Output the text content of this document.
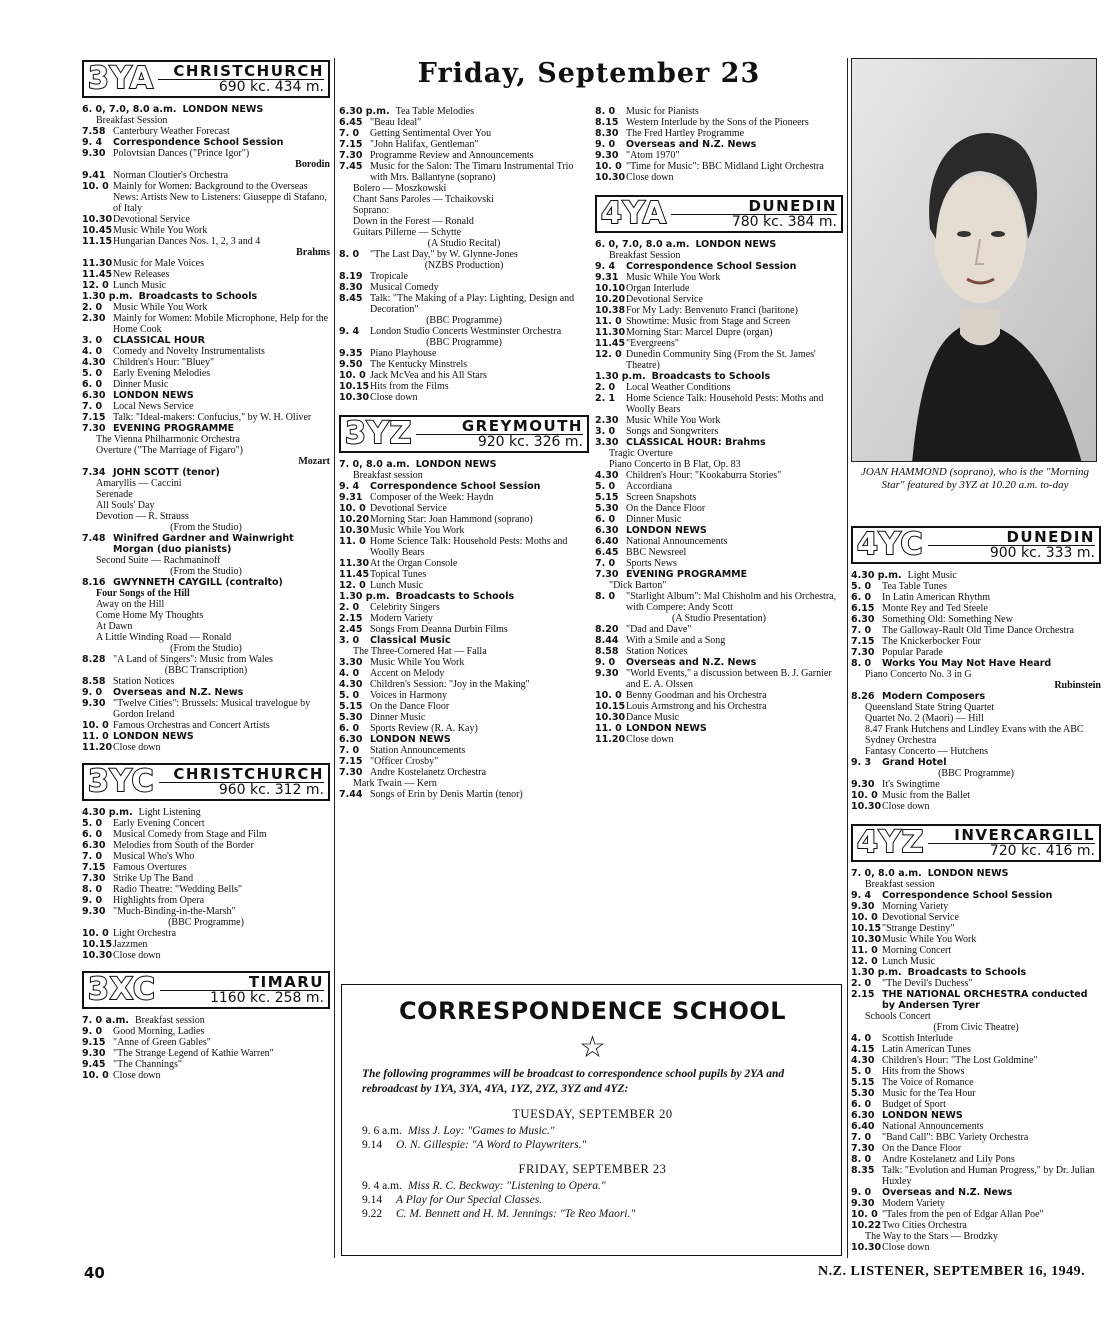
Friday, September 23
3YA	CHRISTCHURCH
690 kc. 434 m.
6. 0, 7.0, 8.0 a.m. LONDON NEWS
Breakfast Session
7.58 Canterbury Weather Forecast
9. 4	Correspondence School Session
9.30 Polovtsian Dances ("Prince Igor")
Borodin
9.41 Norman Cloutier's Orchestra
10. 0 Mainly for Women: Background to the Overseas News: Artists New to Listeners: Giuseppe di Stafano, of Italy
10.30 Devotional Service
10.45 Music While You Work
11.15 Hungarian Dances Nos. 1, 2, 3 and 4
Brahms
11.30 Music for Male Voices
11.45 New Releases
12. 0 Lunch Music
1.30 p.m. Broadcasts to Schools
2. 0	Music While You Work
2.30 Mainly for Women: Mobile Microphone, Help for the Home Cook
3. 0	CLASSICAL HOUR
4. 0	Comedy and Novelty Instrumentalists
4.30 Children's Hour: "Bluey"
5. 0	Early Evening Melodies
6. 0	Dinner Music
6.30 LONDON NEWS
7. 0	Local News Service
7.15 Talk: "Ideal-makers: Confucius," by W. H. Oliver
7.30 EVENING PROGRAMME
The Vienna Philharmonic Orchestra
Overture ("The Marriage of Figaro")
Mozart
7.34 JOHN SCOTT (tenor)
Amaryllis — Caccini
Serenade
All Souls' Day
Devotion — R. Strauss
(From the Studio)
7.48 Winifred Gardner and Wainwright Morgan (duo pianists)
Second Suite — Rachmaninoff
(From the Studio)
8.16 GWYNNETH CAYGILL (contralto)
Four Songs of the Hill
Away on the Hill
Come Home My Thoughts
At Dawn
A Little Winding Road — Ronald
(From the Studio)
8.28 "A Land of Singers": Music from Wales
(BBC Transcription)
8.58 Station Notices
9. 0	Overseas and N.Z. News
9.30 "Twelve Cities": Brussels: Musical travelogue by Gordon Ireland
10. 0 Famous Orchestras and Concert Artists
11. 0 LONDON NEWS
11.20 Close down
3YC	CHRISTCHURCH
960 kc. 312 m.
4.30 p.m. Light Listening
5. 0	Early Evening Concert
6. 0	Musical Comedy from Stage and Film
6.30 Melodies from South of the Border
7. 0	Musical Who's Who
7.15 Famous Overtures
7.30 Strike Up The Band
8. 0	Radio Theatre: "Wedding Bells"
9. 0	Highlights from Opera
9.30 "Much-Binding-in-the-Marsh"
(BBC Programme)
10. 0 Light Orchestra
10.15 Jazzmen
10.30 Close down
3XC	TIMARU
1160 kc. 258 m.
7. 0 a.m. Breakfast session
9. 0	Good Morning, Ladies
9.15 "Anne of Green Gables"
9.30 "The Strange Legend of Kathie Warren"
9.45 "The Channings"
10. 0 Close down
6.30 p.m. Tea Table Melodies
6.45 "Beau Ideal"
7. 0	Getting Sentimental Over You
7.15 "John Halifax, Gentleman"
7.30 Programme Review and Announcements
7.45 Music for the Salon: The Timaru Instrumental Trio with Mrs. Ballantyne (soprano)
Bolero — Moszkowski
Chant Sans Paroles — Tchaikovski
Soprano:
Down in the Forest — Ronald
Guitars Pillerne — Schytte
(A Studio Recital)
8. 0	"The Last Day," by W. Glynne-Jones
(NZBS Production)
8.19 Tropicale
8.30 Musical Comedy
8.45 Talk: "The Making of a Play: Lighting, Design and Decoration"
(BBC Programme)
9. 4	London Studio Concerts Westminster Orchestra
(BBC Programme)
9.35 Piano Playhouse
9.50 The Kentucky Minstrels
10. 0 Jack McVea and his All Stars
10.15 Hits from the Films
10.30 Close down
3YZ	GREYMOUTH
920 kc. 326 m.
7. 0, 8.0 a.m. LONDON NEWS
Breakfast session
9. 4	Correspondence School Session
9.31 Composer of the Week: Haydn
10. 0 Devotional Service
10.20 Morning Star: Joan Hammond (soprano)
10.30 Music While You Work
11. 0 Home Science Talk: Household Pests: Moths and Woolly Bears
11.30 At the Organ Console
11.45 Topical Tunes
12. 0 Lunch Music
1.30 p.m. Broadcasts to Schools
2. 0	Celebrity Singers
2.15 Modern Variety
2.45 Songs From Deanna Durbin Films
3. 0	Classical Music
The Three-Cornered Hat — Falla
3.30 Music While You Work
4. 0	Accent on Melody
4.30 Children's Session: "Joy in the Making"
5. 0	Voices in Harmony
5.15 On the Dance Floor
5.30 Dinner Music
6. 0	Sports Review (R. A. Kay)
6.30 LONDON NEWS
7. 0	Station Announcements
7.15 "Officer Crosby"
7.30 Andre Kostelanetz Orchestra
Mark Twain — Kern
7.44 Songs of Erin by Denis Martin (tenor)
8. 0	Music for Pianists
8.15 Western Interlude by the Sons of the Pioneers
8.30 The Fred Hartley Programme
9. 0	Overseas and N.Z. News
9.30 "Atom 1970"
10. 0 "Time for Music": BBC Midland Light Orchestra
10.30 Close down
4YA	DUNEDIN
780 kc. 384 m.
6. 0, 7.0, 8.0 a.m. LONDON NEWS
Breakfast Session
9. 4	Correspondence School Session
9.31 Music While You Work
10.10 Organ Interlude
10.20 Devotional Service
10.38 For My Lady: Benvenuto Franci (baritone)
11. 0 Showtime: Music from Stage and Screen
11.30 Morning Star: Marcel Dupre (organ)
11.45 "Evergreens"
12. 0 Dunedin Community Sing (From the St. James' Theatre)
1.30 p.m. Broadcasts to Schools
2. 0	Local Weather Conditions
2. 1	Home Science Talk: Household Pests: Moths and Woolly Bears
2.30 Music While You Work
3. 0	Songs and Songwriters
3.30 CLASSICAL HOUR: Brahms
Tragic Overture
Piano Concerto in B Flat, Op. 83
4.30 Children's Hour: "Kookaburra Stories"
5. 0	Accordiana
5.15 Screen Snapshots
5.30 On the Dance Floor
6. 0	Dinner Music
6.30 LONDON NEWS
6.40 National Announcements
6.45 BBC Newsreel
7. 0	Sports News
7.30 EVENING PROGRAMME
"Dick Barton"
8. 0	"Starlight Album": Mal Chisholm and his Orchestra, with Compere: Andy Scott
(A Studio Presentation)
8.20 "Dad and Dave"
8.44 With a Smile and a Song
8.58 Station Notices
9. 0	Overseas and N.Z. News
9.30 "World Events," a discussion between B. J. Garnier and E. A. Olssen
10. 0 Benny Goodman and his Orchestra
10.15 Louis Armstrong and his Orchestra
10.30 Dance Music
11. 0 LONDON NEWS
11.20 Close down
JOAN HAMMOND (soprano), who is the "Morning Star" featured by 3YZ at 10.20 a.m. to-day
4YC	DUNEDIN
900 kc. 333 m.
4.30 p.m. Light Music
5. 0	Tea Table Tunes
6. 0	In Latin American Rhythm
6.15 Monte Rey and Ted Steele
6.30 Something Old: Something New
7. 0	The Galloway-Rault Old Time Dance Orchestra
7.15 The Knickerbocker Four
7.30 Popular Parade
8. 0	Works You May Not Have Heard
Piano Concerto No. 3 in G
Rubinstein
8.26 Modern Composers
Queensland State String Quartet
Quartet No. 2 (Maori) — Hill
8.47 Frank Hutchens and Lindley Evans with the ABC Sydney Orchestra
Fantasy Concerto — Hutchens
9. 3	Grand Hotel
(BBC Programme)
9.30 It's Swingtime
10. 0 Music from the Ballet
10.30 Close down
4YZ	INVERCARGILL
720 kc. 416 m.
7. 0, 8.0 a.m. LONDON NEWS
Breakfast session
9. 4	Correspondence School Session
9.30 Morning Variety
10. 0 Devotional Service
10.15 "Strange Destiny"
10.30 Music While You Work
11. 0 Morning Concert
12. 0 Lunch Music
1.30 p.m. Broadcasts to Schools
2. 0	"The Devil's Duchess"
2.15 THE NATIONAL ORCHESTRA conducted by Andersen Tyrer
Schools Concert
(From Civic Theatre)
4. 0	Scottish Interlude
4.15 Latin American Tunes
4.30 Children's Hour: "The Lost Goldmine"
5. 0	Hits from the Shows
5.15 The Voice of Romance
5.30 Music for the Tea Hour
6. 0	Budget of Sport
6.30 LONDON NEWS
6.40 National Announcements
7. 0	"Band Call": BBC Variety Orchestra
7.30 On the Dance Floor
8. 0	Andre Kostelanetz and Lily Pons
8.35 Talk: "Evolution and Human Progress," by Dr. Julian Huxley
9. 0	Overseas and N.Z. News
9.30 Modern Variety
10. 0 "Tales from the pen of Edgar Allan Poe"
10.22 Two Cities Orchestra
The Way to the Stars — Brodzky
10.30 Close down
CORRESPONDENCE SCHOOL
☆
The following programmes will be broadcast to correspondence school pupils by 2YA and rebroadcast by 1YA, 3YA, 4YA, 1YZ, 2YZ, 3YZ and 4YZ:
TUESDAY, SEPTEMBER 20
9. 6 a.m. Miss J. Loy: "Games to Music."
9.14	O. N. Gillespie: "A Word to Playwriters."
FRIDAY, SEPTEMBER 23
9. 4 a.m. Miss R. C. Beckway: "Listening to Opera."
9.14	A Play for Our Special Classes.
9.22	C. M. Bennett and H. M. Jennings: "Te Reo Maori."
40	N.Z. LISTENER, SEPTEMBER 16, 1949.
